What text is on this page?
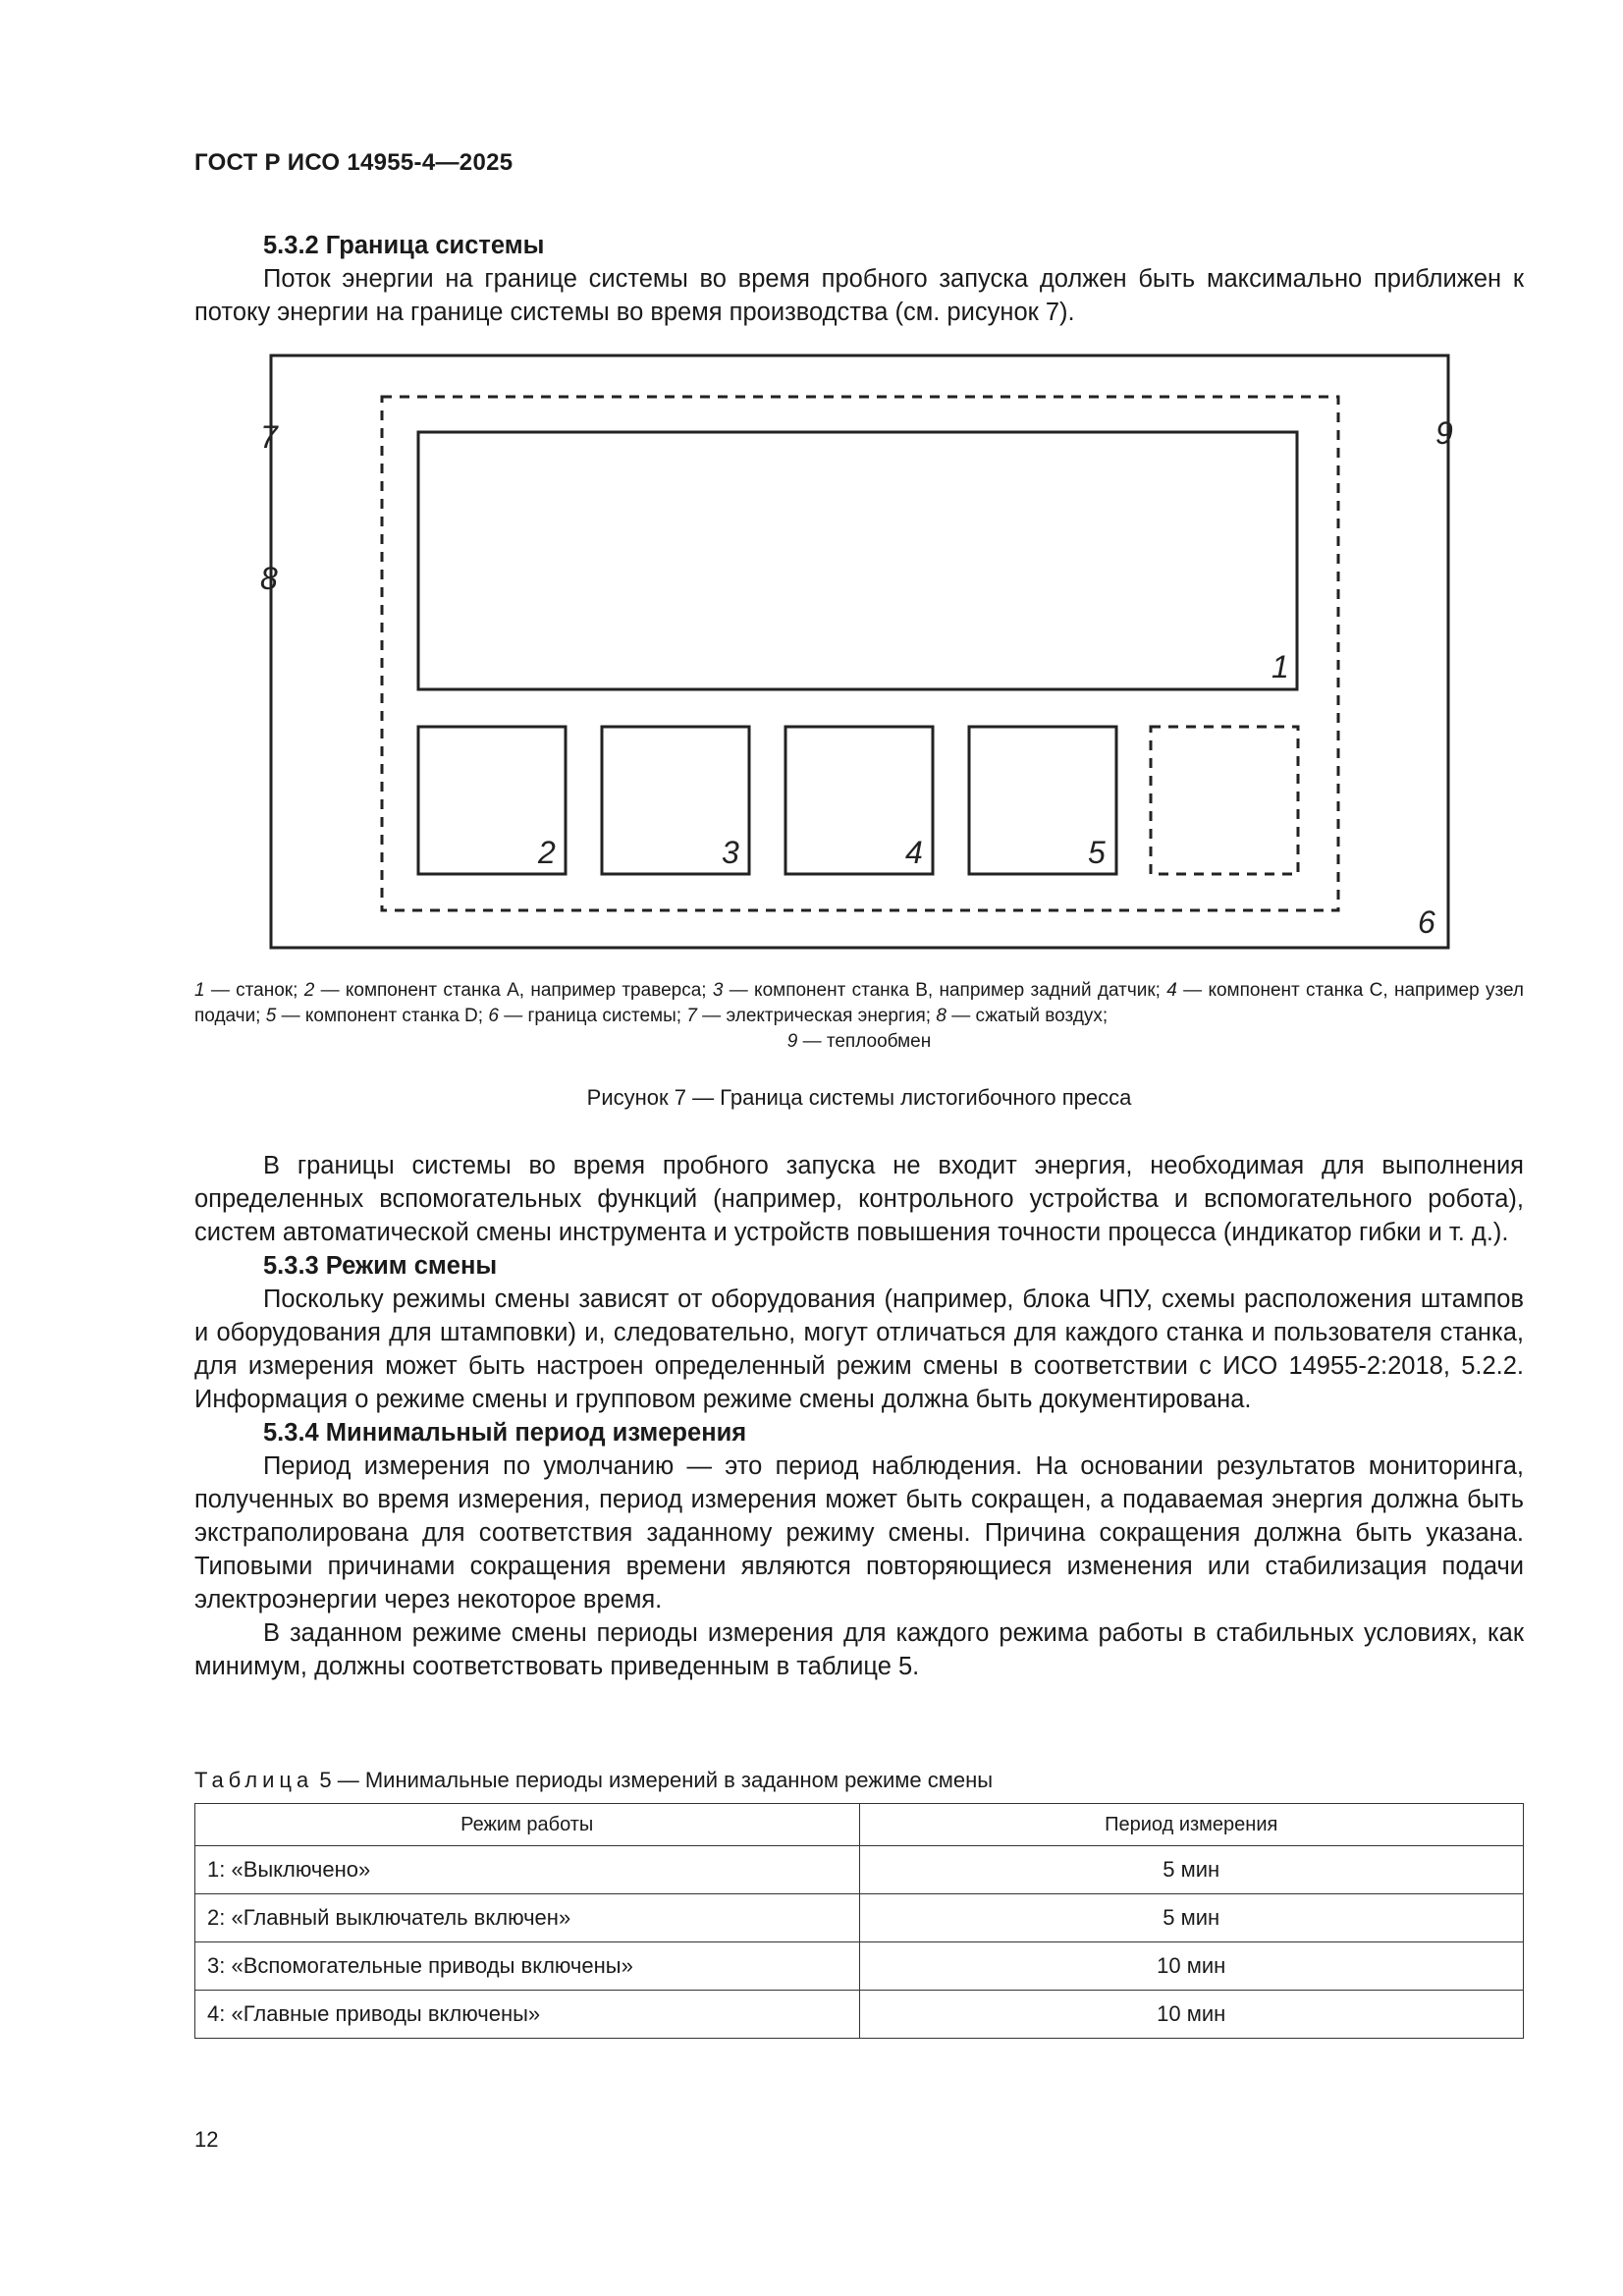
ГОСТ Р ИСО 14955-4—2025

5.3.2 Граница системы

Поток энергии на границе системы во время пробного запуска должен быть максимально приближен к потоку энергии на границе системы во время производства (см. рисунок 7).

1
2	3	4	5
6
7
8
9
1 — станок; 2 — компонент станка A, например траверса; 3 — компонент станка B, например задний датчик; 4 — компонент станка C, например узел подачи; 5 — компонент станка D; 6 — граница системы; 7 — электрическая энергия; 8 — сжатый воздух;
9 — теплообмен
Рисунок 7 — Граница системы листогибочного пресса

В границы системы во время пробного запуска не входит энергия, необходимая для выполнения определенных вспомогательных функций (например, контрольного устройства и вспомогательного робота), систем автоматической смены инструмента и устройств повышения точности процесса (индикатор гибки и т. д.).

5.3.3 Режим смены

Поскольку режимы смены зависят от оборудования (например, блока ЧПУ, схемы расположения штампов и оборудования для штамповки) и, следовательно, могут отличаться для каждого станка и пользователя станка, для измерения может быть настроен определенный режим смены в соответствии с ИСО 14955-2:2018, 5.2.2. Информация о режиме смены и групповом режиме смены должна быть документирована.

5.3.4 Минимальный период измерения

Период измерения по умолчанию — это период наблюдения. На основании результатов мониторинга, полученных во время измерения, период измерения может быть сокращен, а подаваемая энергия должна быть экстраполирована для соответствия заданному режиму смены. Причина сокращения должна быть указана. Типовыми причинами сокращения времени являются повторяющиеся изменения или стабилизация подачи электроэнергии через некоторое время.

В заданном режиме смены периоды измерения для каждого режима работы в стабильных условиях, как минимум, должны соответствовать приведенным в таблице 5.

Таблица 5 — Минимальные периоды измерений в заданном режиме смены
Режим работы	Период измерения
1: «Выключено»	5 мин
2: «Главный выключатель включен»	5 мин
3: «Вспомогательные приводы включены»	10 мин
4: «Главные приводы включены»	10 мин
12
